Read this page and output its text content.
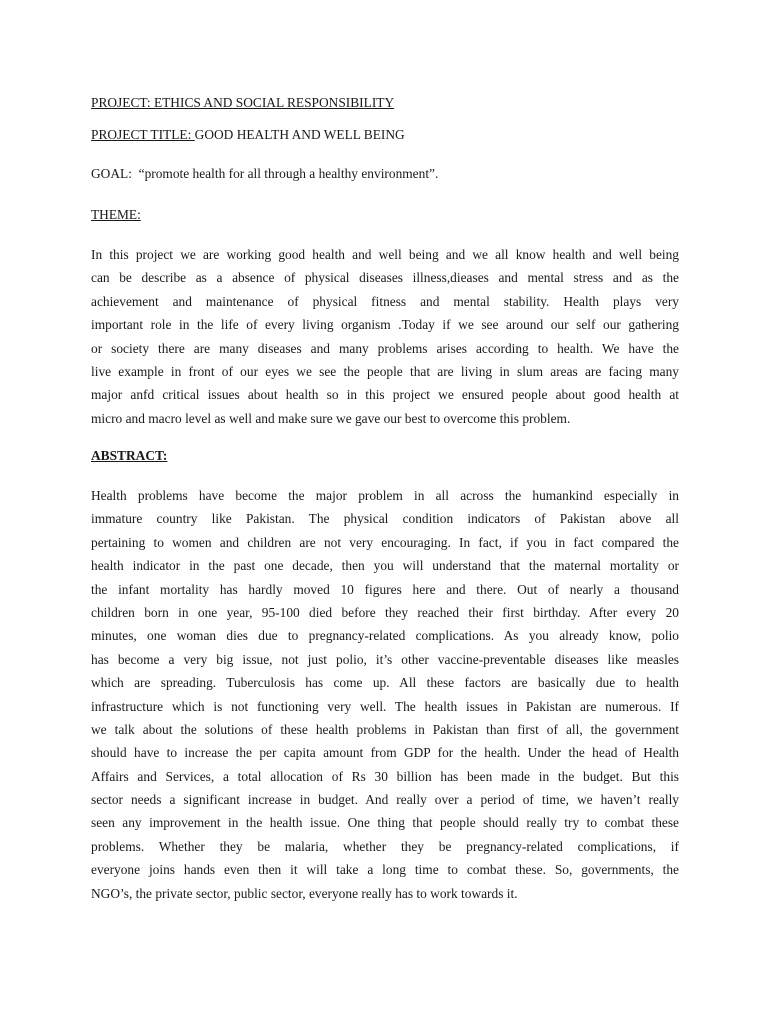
PROJECT: ETHICS AND SOCIAL RESPONSIBILITY
PROJECT TITLE: GOOD HEALTH AND WELL BEING
GOAL: “promote health for all through a healthy environment”.
THEME:
In this project we are working good health and well being and we all know health and well being
can be describe as a absence of physical diseases illness,dieases and mental stress and as the
achievement and maintenance of physical fitness and mental stability. Health plays very
important role in the life of every living organism .Today if we see around our self our gathering
or society there are many diseases and many problems arises according to health. We have the
live example in front of our eyes we see the people that are living in slum areas are facing many
major anfd critical issues about health so in this project we ensured people about good health at
micro and macro level as well and make sure we gave our best to overcome this problem.
ABSTRACT:
Health problems have become the major problem in all across the humankind especially in
immature country like Pakistan. The physical condition indicators of Pakistan above all
pertaining to women and children are not very encouraging. In fact, if you in fact compared the
health indicator in the past one decade, then you will understand that the maternal mortality or
the infant mortality has hardly moved 10 figures here and there. Out of nearly a thousand
children born in one year, 95-100 died before they reached their first birthday. After every 20
minutes, one woman dies due to pregnancy-related complications. As you already know, polio
has become a very big issue, not just polio, it’s other vaccine-preventable diseases like measles
which are spreading. Tuberculosis has come up. All these factors are basically due to health
infrastructure which is not functioning very well. The health issues in Pakistan are numerous. If
we talk about the solutions of these health problems in Pakistan than first of all, the government
should have to increase the per capita amount from GDP for the health. Under the head of Health
Affairs and Services, a total allocation of Rs 30 billion has been made in the budget. But this
sector needs a significant increase in budget. And really over a period of time, we haven’t really
seen any improvement in the health issue. One thing that people should really try to combat these
problems. Whether they be malaria, whether they be pregnancy-related complications, if
everyone joins hands even then it will take a long time to combat these. So, governments, the
NGO’s, the private sector, public sector, everyone really has to work towards it.
